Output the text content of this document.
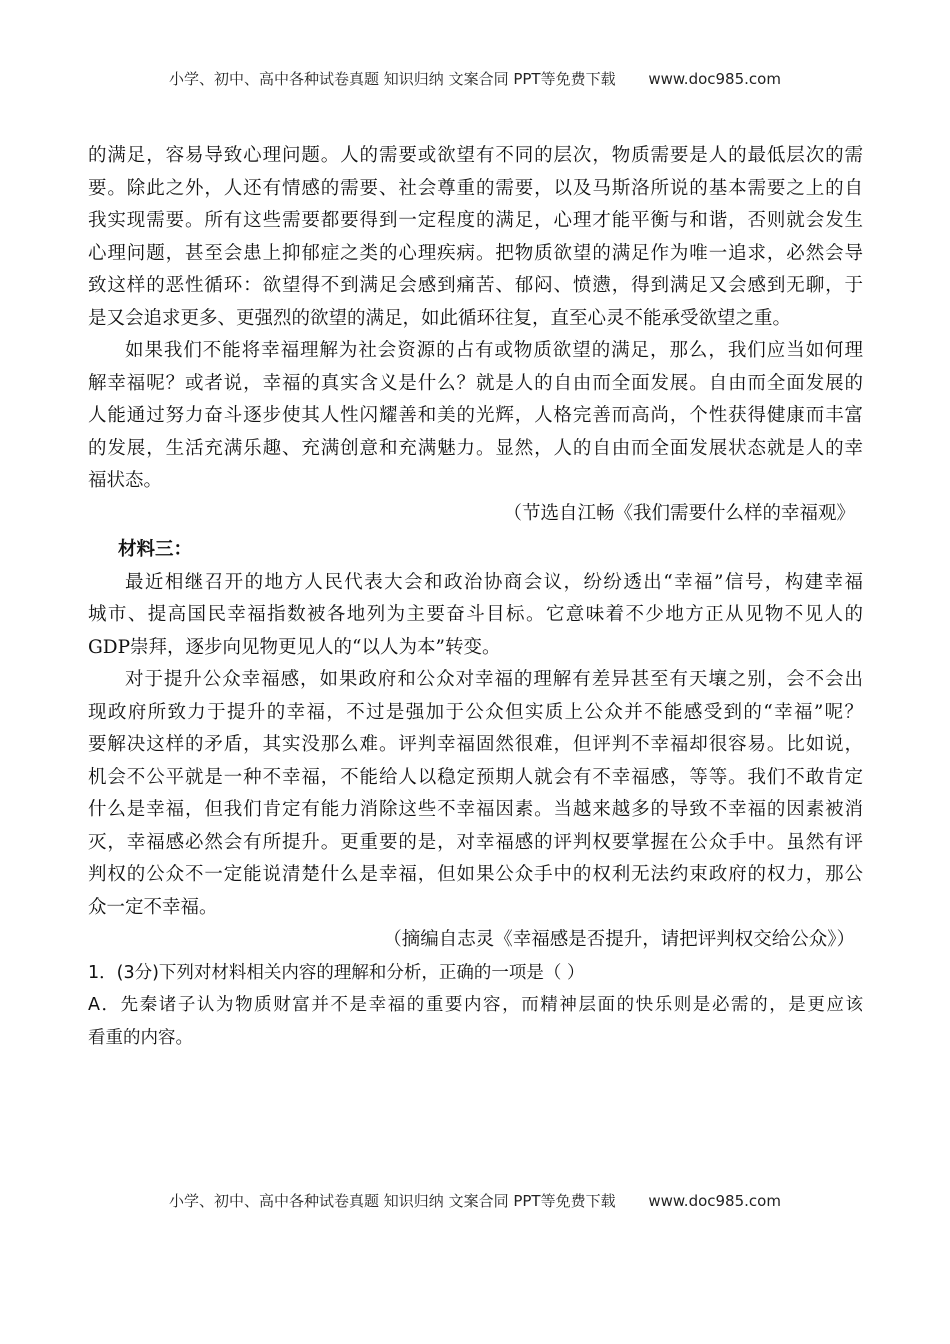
小学、初中、高中各种试卷真题 知识归纳 文案合同 PPT等免费下载 www.doc985.com
的满足，容易导致心理问题。人的需要或欲望有不同的层次，物质需要是人的最低层次的需
要。除此之外，人还有情感的需要、社会尊重的需要，以及马斯洛所说的基本需要之上的自
我实现需要。所有这些需要都要得到一定程度的满足，心理才能平衡与和谐，否则就会发生
心理问题，甚至会患上抑郁症之类的心理疾病。把物质欲望的满足作为唯一追求，必然会导
致这样的恶性循环：欲望得不到满足会感到痛苦、郁闷、愤懑，得到满足又会感到无聊，于
是又会追求更多、更强烈的欲望的满足，如此循环往复，直至心灵不能承受欲望之重。
如果我们不能将幸福理解为社会资源的占有或物质欲望的满足，那么，我们应当如何理
解幸福呢？或者说，幸福的真实含义是什么？就是人的自由而全面发展。自由而全面发展的
人能通过努力奋斗逐步使其人性闪耀善和美的光辉，人格完善而高尚，个性获得健康而丰富
的发展，生活充满乐趣、充满创意和充满魅力。显然，人的自由而全面发展状态就是人的幸
福状态。
（节选自江畅《我们需要什么样的幸福观》
材料三：
最近相继召开的地方人民代表大会和政治协商会议，纷纷透出“幸福”信号，构建幸福
城市、提高国民幸福指数被各地列为主要奋斗目标。它意味着不少地方正从见物不见人的
GDP崇拜，逐步向见物更见人的“以人为本”转变。
对于提升公众幸福感，如果政府和公众对幸福的理解有差异甚至有天壤之别，会不会出
现政府所致力于提升的幸福，不过是强加于公众但实质上公众并不能感受到的“幸福”呢？
要解决这样的矛盾，其实没那么难。评判幸福固然很难，但评判不幸福却很容易。比如说，
机会不公平就是一种不幸福，不能给人以稳定预期人就会有不幸福感，等等。我们不敢肯定
什么是幸福，但我们肯定有能力消除这些不幸福因素。当越来越多的导致不幸福的因素被消
灭，幸福感必然会有所提升。更重要的是，对幸福感的评判权要掌握在公众手中。虽然有评
判权的公众不一定能说清楚什么是幸福，但如果公众手中的权利无法约束政府的权力，那公
众一定不幸福。
（摘编自志灵《幸福感是否提升，请把评判权交给公众》）
1．(3分)下列对材料相关内容的理解和分析，正确的一项是（ ）
A．先秦诸子认为物质财富并不是幸福的重要内容，而精神层面的快乐则是必需的，是更应该
看重的内容。
小学、初中、高中各种试卷真题 知识归纳 文案合同 PPT等免费下载 www.doc985.com
